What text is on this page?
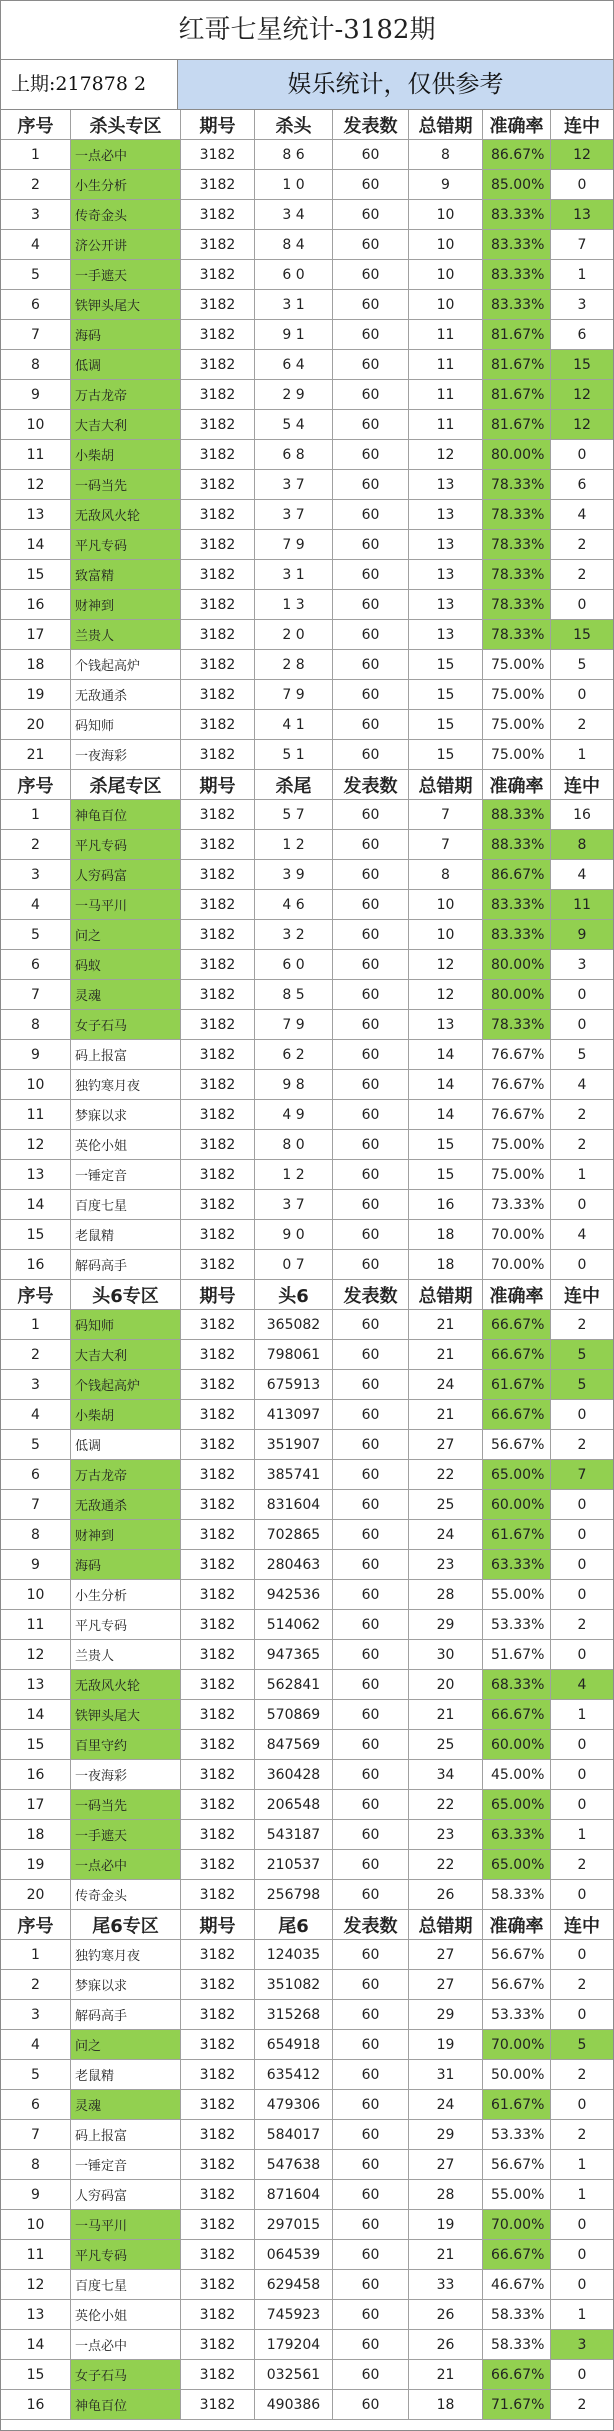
红哥七星统计-3182期
上期:217878 2	娱乐统计，仅供参考
序号	杀头专区	期号	杀头	发表数	总错期 准确率	连中
1	一点必中	3182	8 6	60	8	86.67%	12
2	小生分析	3182	1 0	60	9	85.00%	0
3	传奇金头	3182	3 4	60	10	83.33%	13
4	济公开讲	3182	8 4	60	10	83.33%	7
5	一手遮天	3182	6 0	60	10	83.33%	1
6	铁钾头尾大	3182	3 1	60	10	83.33%	3
7	海码	3182	9 1	60	11	81.67%	6
8	低调	3182	6 4	60	11	81.67%	15
9	万古龙帝	3182	2 9	60	11	81.67%	12
10	大吉大利	3182	5 4	60	11	81.67%	12
11	小柴胡	3182	6 8	60	12	80.00%	0
12	一码当先	3182	3 7	60	13	78.33%	6
13	无敌风火轮	3182	3 7	60	13	78.33%	4
14	平凡专码	3182	7 9	60	13	78.33%	2
15	致富精	3182	3 1	60	13	78.33%	2
16	财神到	3182	1 3	60	13	78.33%	0
17	兰贵人	3182	2 0	60	13	78.33%	15
18	个钱起高炉	3182	2 8	60	15	75.00%	5
19	无敌通杀	3182	7 9	60	15	75.00%	0
20	码知师	3182	4 1	60	15	75.00%	2
21	一夜海彩	3182	5 1	60	15	75.00%	1
序号	杀尾专区	期号	杀尾	发表数	总错期 准确率	连中
1	神龟百位	3182	5 7	60	7	88.33%	16
2	平凡专码	3182	1 2	60	7	88.33%	8
3	人穷码富	3182	3 9	60	8	86.67%	4
4	一马平川	3182	4 6	60	10	83.33%	11
5	问之	3182	3 2	60	10	83.33%	9
6	码蚁	3182	6 0	60	12	80.00%	3
7	灵魂	3182	8 5	60	12	80.00%	0
8	女子石马	3182	7 9	60	13	78.33%	0
9	码上报富	3182	6 2	60	14	76.67%	5
10	独钓寒月夜	3182	9 8	60	14	76.67%	4
11	梦寐以求	3182	4 9	60	14	76.67%	2
12	英伦小姐	3182	8 0	60	15	75.00%	2
13	一锤定音	3182	1 2	60	15	75.00%	1
14	百度七星	3182	3 7	60	16	73.33%	0
15	老鼠精	3182	9 0	60	18	70.00%	4
16	解码高手	3182	0 7	60	18	70.00%	0
序号	头6专区	期号	头6	发表数	总错期 准确率	连中
1	码知师	3182	365082	60	21	66.67%	2
2	大吉大利	3182	798061	60	21	66.67%	5
3	个钱起高炉	3182	675913	60	24	61.67%	5
4	小柴胡	3182	413097	60	21	66.67%	0
5	低调	3182	351907	60	27	56.67%	2
6	万古龙帝	3182	385741	60	22	65.00%	7
7	无敌通杀	3182	831604	60	25	60.00%	0
8	财神到	3182	702865	60	24	61.67%	0
9	海码	3182	280463	60	23	63.33%	0
10	小生分析	3182	942536	60	28	55.00%	0
11	平凡专码	3182	514062	60	29	53.33%	2
12	兰贵人	3182	947365	60	30	51.67%	0
13	无敌风火轮	3182	562841	60	20	68.33%	4
14	铁钾头尾大	3182	570869	60	21	66.67%	1
15	百里守约	3182	847569	60	25	60.00%	0
16	一夜海彩	3182	360428	60	34	45.00%	0
17	一码当先	3182	206548	60	22	65.00%	0
18	一手遮天	3182	543187	60	23	63.33%	1
19	一点必中	3182	210537	60	22	65.00%	2
20	传奇金头	3182	256798	60	26	58.33%	0
序号	尾6专区	期号	尾6	发表数	总错期 准确率	连中
1	独钓寒月夜	3182	124035	60	27	56.67%	0
2	梦寐以求	3182	351082	60	27	56.67%	2
3	解码高手	3182	315268	60	29	53.33%	0
4	问之	3182	654918	60	19	70.00%	5
5	老鼠精	3182	635412	60	31	50.00%	2
6	灵魂	3182	479306	60	24	61.67%	0
7	码上报富	3182	584017	60	29	53.33%	2
8	一锤定音	3182	547638	60	27	56.67%	1
9	人穷码富	3182	871604	60	28	55.00%	1
10	一马平川	3182	297015	60	19	70.00%	0
11	平凡专码	3182	064539	60	21	66.67%	0
12	百度七星	3182	629458	60	33	46.67%	0
13	英伦小姐	3182	745923	60	26	58.33%	1
14	一点必中	3182	179204	60	26	58.33%	3
15	女子石马	3182	032561	60	21	66.67%	0
16	神龟百位	3182	490386	60	18	71.67%	2
